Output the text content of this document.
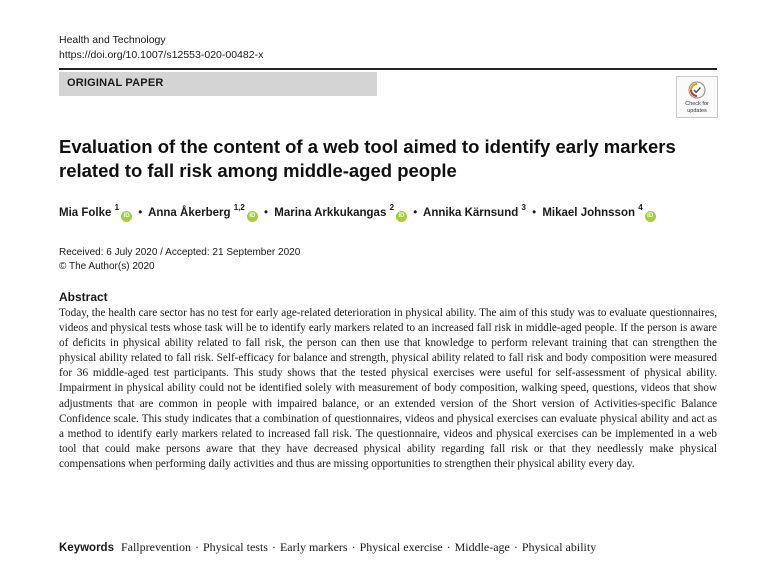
Health and Technology
https://doi.org/10.1007/s12553-020-00482-x
ORIGINAL PAPER
Check for updates
Evaluation of the content of a web tool aimed to identify early markers related to fall risk among middle-aged people
Mia Folke $^1$iD • Anna Åkerberg $^{1,2}$iD • Marina Arkkukangas $^2$iD • Annika Kärnsund $^3$ • Mikael Johnsson $^4$iD
Received: 6 July 2020 / Accepted: 21 September 2020
© The Author(s) 2020
Abstract

Today, the health care sector has no test for early age-related deterioration in physical ability. The aim of this study was to evaluate questionnaires, videos and physical tests whose task will be to identify early markers related to an increased fall risk in middle-aged people. If the person is aware of deficits in physical ability related to fall risk, the person can then use that knowledge to perform relevant training that can strengthen the physical ability related to fall risk. Self-efficacy for balance and strength, physical ability related to fall risk and body composition were measured for 36 middle-aged test participants. This study shows that the tested physical exercises were useful for self-assessment of physical ability. Impairment in physical ability could not be identified solely with measurement of body composition, walking speed, questions, videos that show adjustments that are common in people with impaired balance, or an extended version of the Short version of Activities-specific Balance Confidence scale. This study indicates that a combination of questionnaires, videos and physical exercises can evaluate physical ability and act as a method to identify early markers related to increased fall risk. The questionnaire, videos and physical exercises can be implemented in a web tool that could make persons aware that they have decreased physical ability regarding fall risk or that they needlessly make physical compensations when performing daily activities and thus are missing opportunities to strengthen their physical ability every day.

Keywords Fallprevention · Physical tests · Early markers · Physical exercise · Middle-age · Physical ability
